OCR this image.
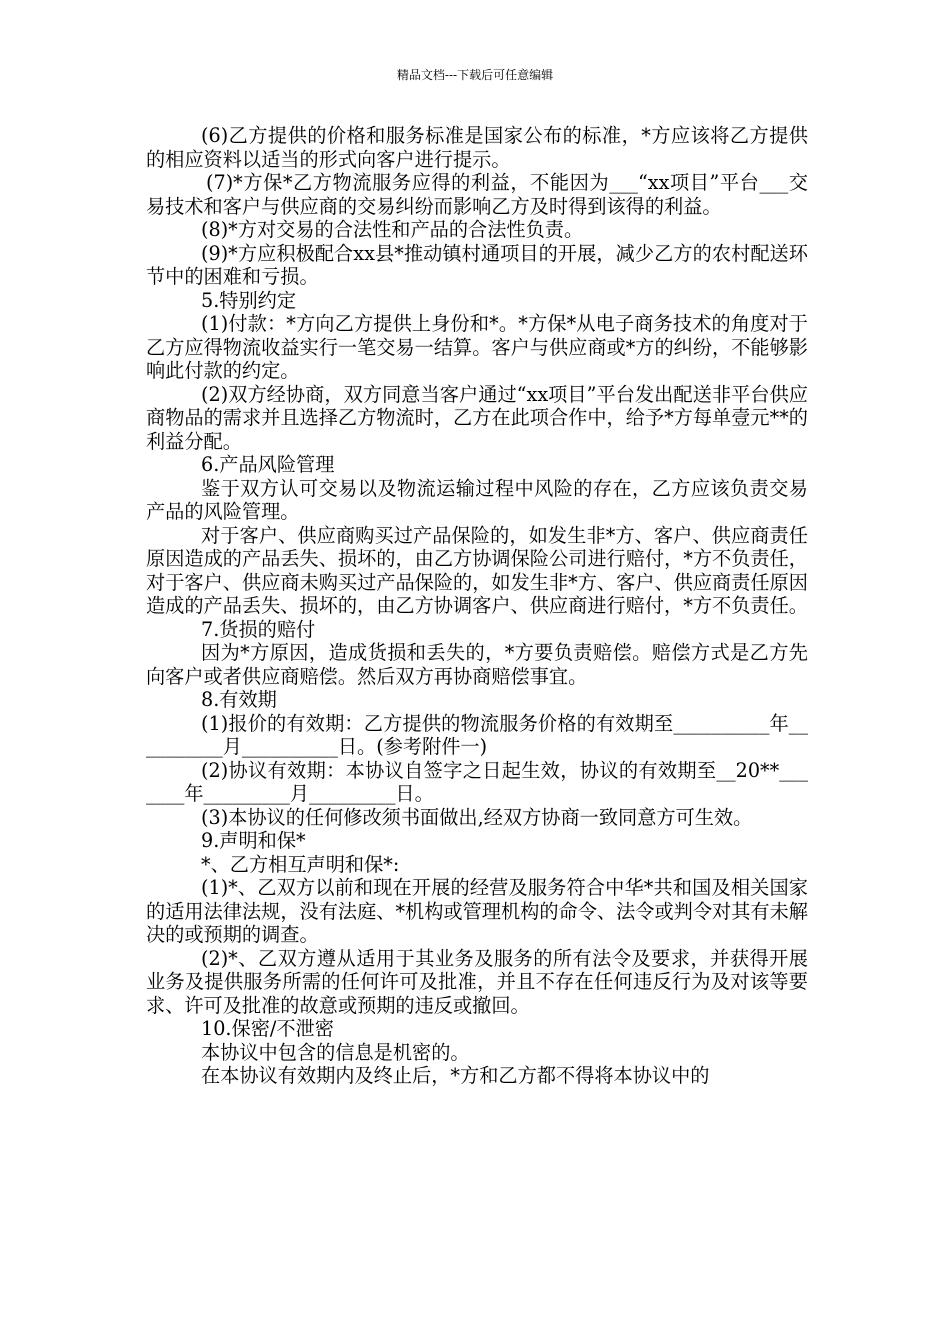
精品文档---下载后可任意编辑

(6)乙方提供的价格和服务标准是国家公布的标准，*方应该将乙方提供的相应资料以适当的形式向客户进行提示。

(7)*方保*乙方物流服务应得的利益，不能因为___“xx项目”平台___交易技术和客户与供应商的交易纠纷而影响乙方及时得到该得的利益。

(8)*方对交易的合法性和产品的合法性负责。

(9)*方应积极配合xx县*推动镇村通项目的开展，减少乙方的农村配送环节中的困难和亏损。

5.特别约定

(1)付款：*方向乙方提供上身份和*。*方保*从电子商务技术的角度对于乙方应得物流收益实行一笔交易一结算。客户与供应商或*方的纠纷，不能够影响此付款的约定。

(2)双方经协商，双方同意当客户通过“xx项目”平台发出配送非平台供应商物品的需求并且选择乙方物流时，乙方在此项合作中，给予*方每单壹元**的利益分配。

6.产品风险管理

鉴于双方认可交易以及物流运输过程中风险的存在，乙方应该负责交易产品的风险管理。

对于客户、供应商购买过产品保险的，如发生非*方、客户、供应商责任原因造成的产品丢失、损坏的，由乙方协调保险公司进行赔付，*方不负责任，对于客户、供应商未购买过产品保险的，如发生非*方、客户、供应商责任原因造成的产品丢失、损坏的，由乙方协调客户、供应商进行赔付，*方不负责任。

7.货损的赔付

因为*方原因，造成货损和丢失的，*方要负责赔偿。赔偿方式是乙方先向客户或者供应商赔偿。然后双方再协商赔偿事宜。

8.有效期

(1)报价的有效期：乙方提供的物流服务价格的有效期至__________年__________月__________日。(参考附件一)

(2)协议有效期：本协议自签字之日起生效，协议的有效期至__20**_______年_________月_________日。

(3)本协议的任何修改须书面做出,经双方协商一致同意方可生效。

9.声明和保*

*、乙方相互声明和保*:

(1)*、乙双方以前和现在开展的经营及服务符合中华*共和国及相关国家的适用法律法规，没有法庭、*机构或管理机构的命令、法令或判令对其有未解决的或预期的调查。

(2)*、乙双方遵从适用于其业务及服务的所有法令及要求，并获得开展业务及提供服务所需的任何许可及批准，并且不存在任何违反行为及对该等要求、许可及批准的故意或预期的违反或撤回。

10.保密/不泄密

本协议中包含的信息是机密的。

在本协议有效期内及终止后，*方和乙方都不得将本协议中的
